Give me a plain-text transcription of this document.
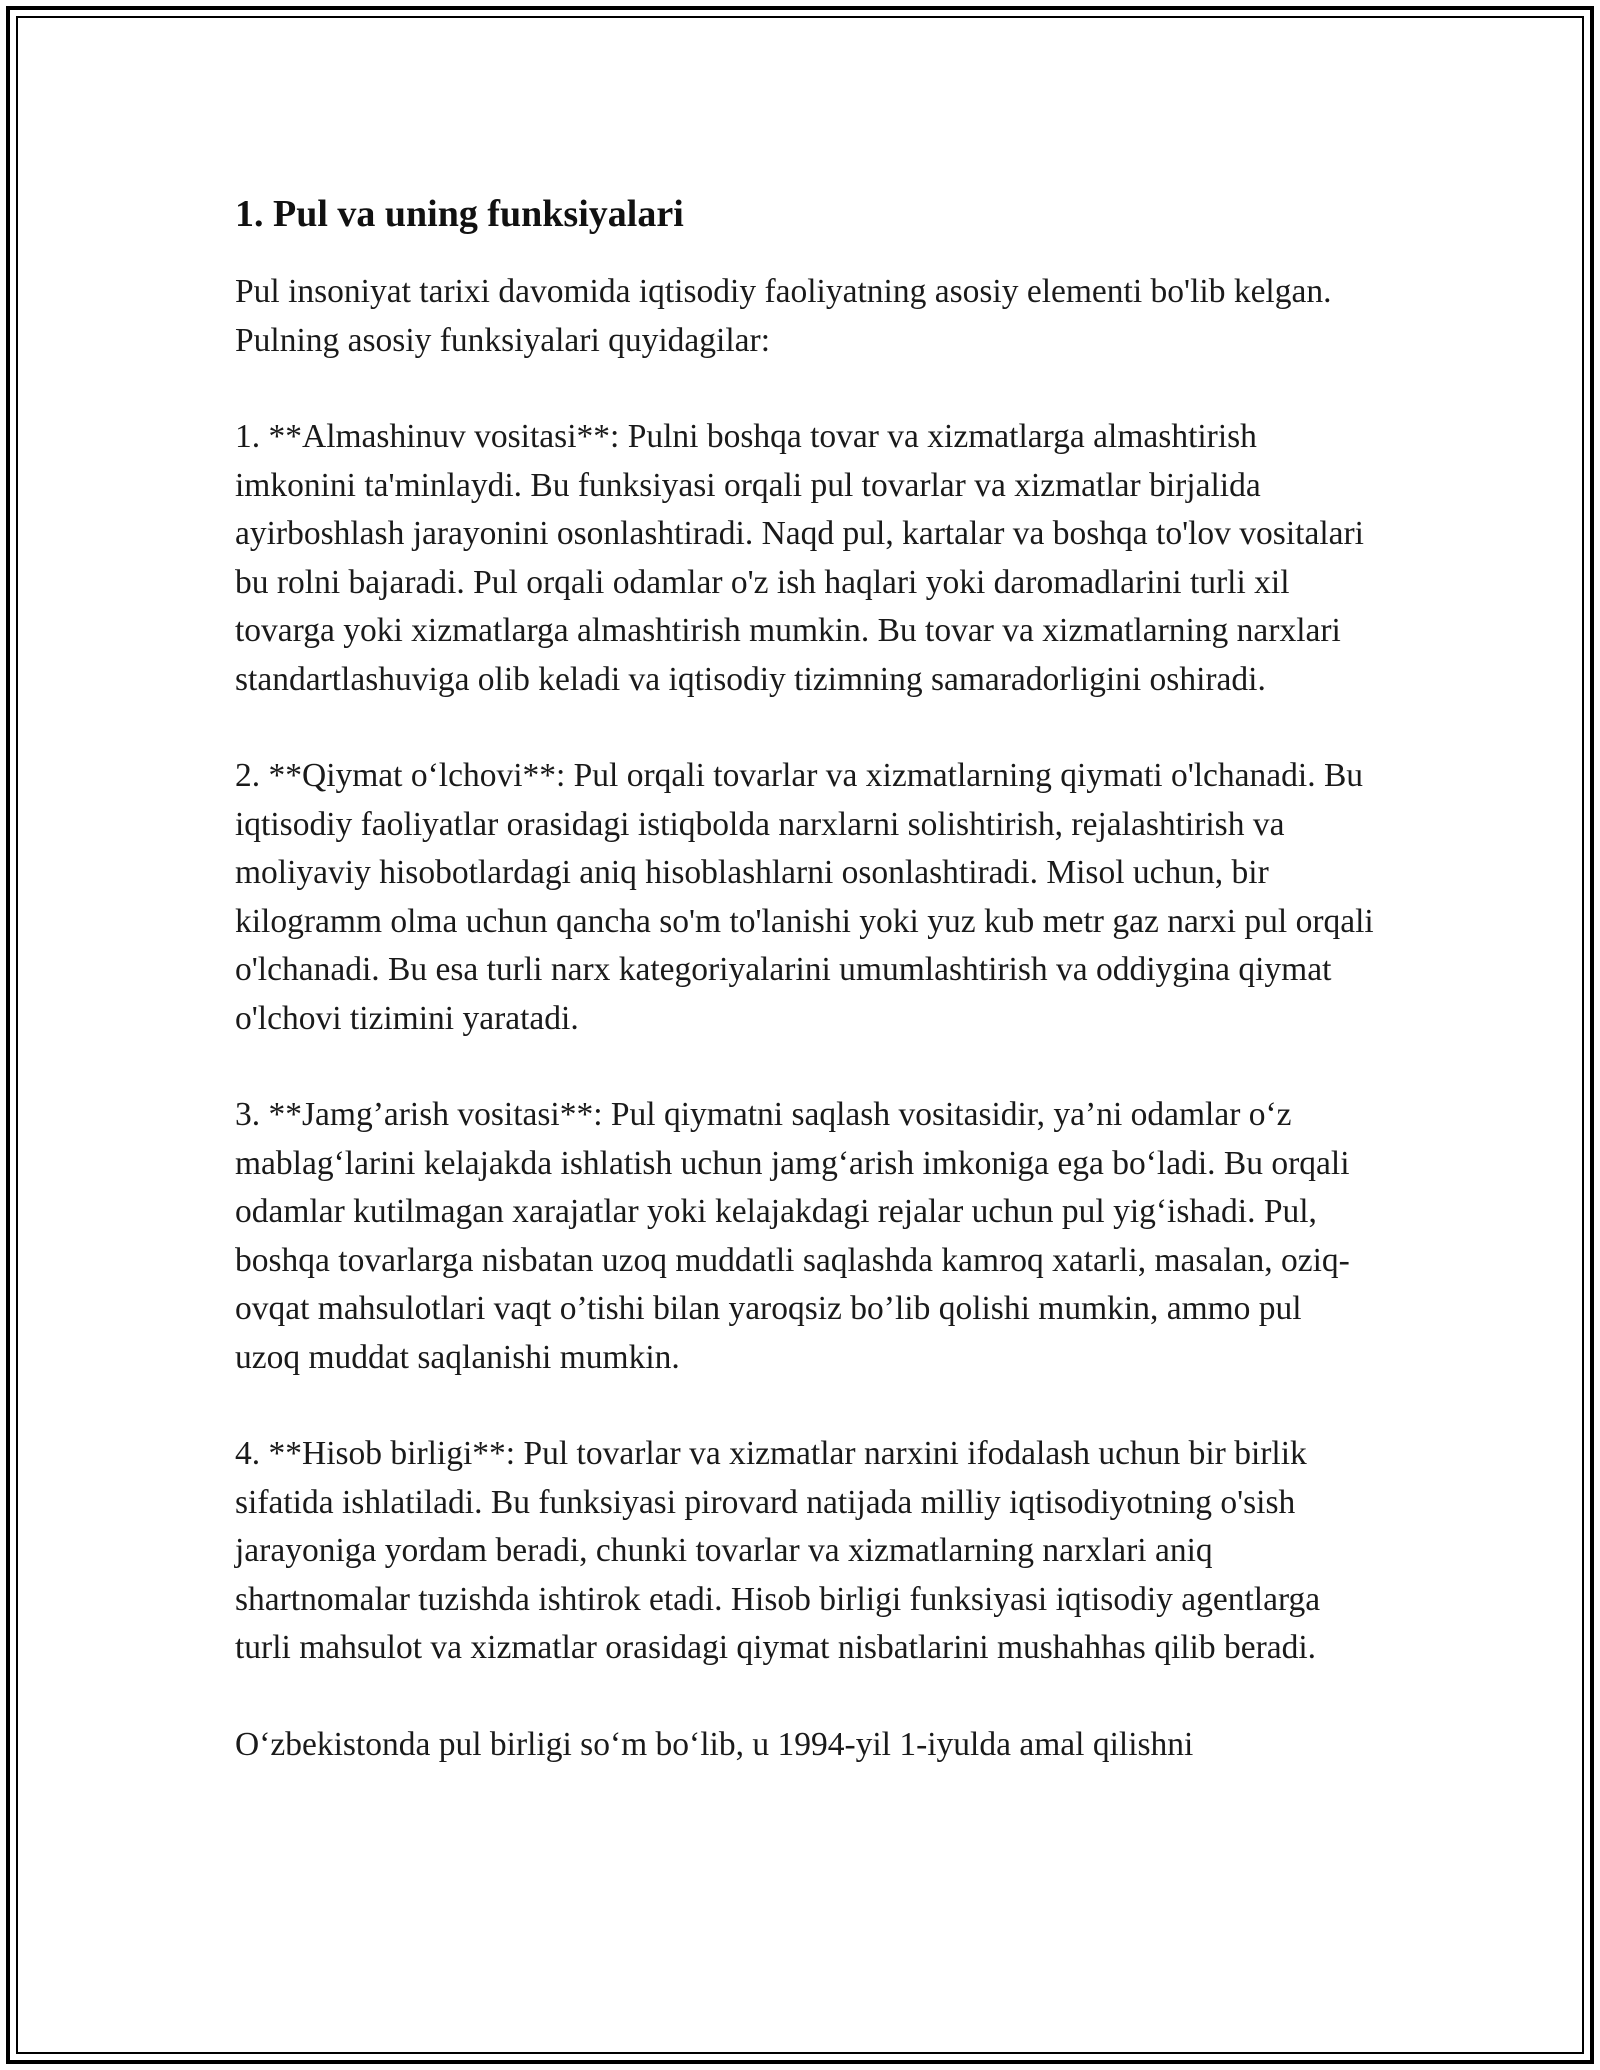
1. Pul va uning funksiyalari

Pul insoniyat tarixi davomida iqtisodiy faoliyatning asosiy elementi bo'lib kelgan. Pulning asosiy funksiyalari quyidagilar:

1. **Almashinuv vositasi**: Pulni boshqa tovar va xizmatlarga almashtirish imkonini ta'minlaydi. Bu funksiyasi orqali pul tovarlar va xizmatlar birjalida ayirboshlash jarayonini osonlashtiradi. Naqd pul, kartalar va boshqa to'lov vositalari bu rolni bajaradi. Pul orqali odamlar o'z ish haqlari yoki daromadlarini turli xil tovarga yoki xizmatlarga almashtirish mumkin. Bu tovar va xizmatlarning narxlari standartlashuviga olib keladi va iqtisodiy tizimning samaradorligini oshiradi.

2. **Qiymat o‘lchovi**: Pul orqali tovarlar va xizmatlarning qiymati o'lchanadi. Bu iqtisodiy faoliyatlar orasidagi istiqbolda narxlarni solishtirish, rejalashtirish va moliyaviy hisobotlardagi aniq hisoblashlarni osonlashtiradi. Misol uchun, bir kilogramm olma uchun qancha so'm to'lanishi yoki yuz kub metr gaz narxi pul orqali o'lchanadi. Bu esa turli narx kategoriyalarini umumlashtirish va oddiygina qiymat o'lchovi tizimini yaratadi.

3. **Jamg’arish vositasi**: Pul qiymatni saqlash vositasidir, ya’ni odamlar o‘z mablag‘larini kelajakda ishlatish uchun jamg‘arish imkoniga ega bo‘ladi. Bu orqali odamlar kutilmagan xarajatlar yoki kelajakdagi rejalar uchun pul yig‘ishadi. Pul, boshqa tovarlarga nisbatan uzoq muddatli saqlashda kamroq xatarli, masalan, oziq-ovqat mahsulotlari vaqt o’tishi bilan yaroqsiz bo’lib qolishi mumkin, ammo pul uzoq muddat saqlanishi mumkin.

4. **Hisob birligi**: Pul tovarlar va xizmatlar narxini ifodalash uchun bir birlik sifatida ishlatiladi. Bu funksiyasi pirovard natijada milliy iqtisodiyotning o'sish jarayoniga yordam beradi, chunki tovarlar va xizmatlarning narxlari aniq shartnomalar tuzishda ishtirok etadi. Hisob birligi funksiyasi iqtisodiy agentlarga turli mahsulot va xizmatlar orasidagi qiymat nisbatlarini mushahhas qilib beradi.

O‘zbekistonda pul birligi so‘m bo‘lib, u 1994-yil 1-iyulda amal qilishni
